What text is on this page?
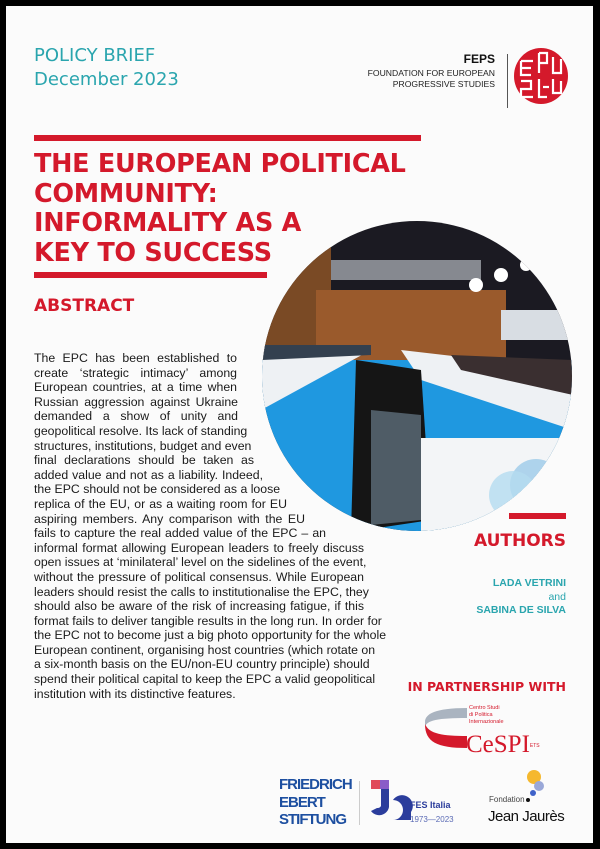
POLICY BRIEF
December 2023
FEPS
FOUNDATION FOR EUROPEAN
PROGRESSIVE STUDIES
THE EUROPEAN POLITICAL
COMMUNITY:
INFORMALITY AS A
KEY TO SUCCESS
ABSTRACT
The EPC has been established to
create ‘strategic intimacy’ among
European countries, at a time when
Russian aggression against Ukraine
demanded a show of unity and
geopolitical resolve. Its lack of standing
structures, institutions, budget and even
final declarations should be taken as
added value and not as a liability. Indeed,
the EPC should not be considered as a loose
replica of the EU, or as a waiting room for EU
aspiring members. Any comparison with the EU
fails to capture the real added value of the EPC – an
informal format allowing European leaders to freely discuss
open issues at ‘minilateral’ level on the sidelines of the event,
without the pressure of political consensus. While European
leaders should resist the calls to institutionalise the EPC, they
should also be aware of the risk of increasing fatigue, if this
format fails to deliver tangible results in the long run. In order for
the EPC not to become just a big photo opportunity for the whole
European continent, organising host countries (which rotate on
a six-month basis on the EU/non-EU country principle) should
spend their political capital to keep the EPC a valid geopolitical
institution with its distinctive features.
AUTHORS
LADA VETRINI
and
SABINA DE SILVA
IN PARTNERSHIP WITH
Centro Studi
di Politica
Internazionale
CeSPIETS
FRIEDRICH
EBERT
STIFTUNG
FES Italia
1973—2023
Fondation
Jean Jaurès
